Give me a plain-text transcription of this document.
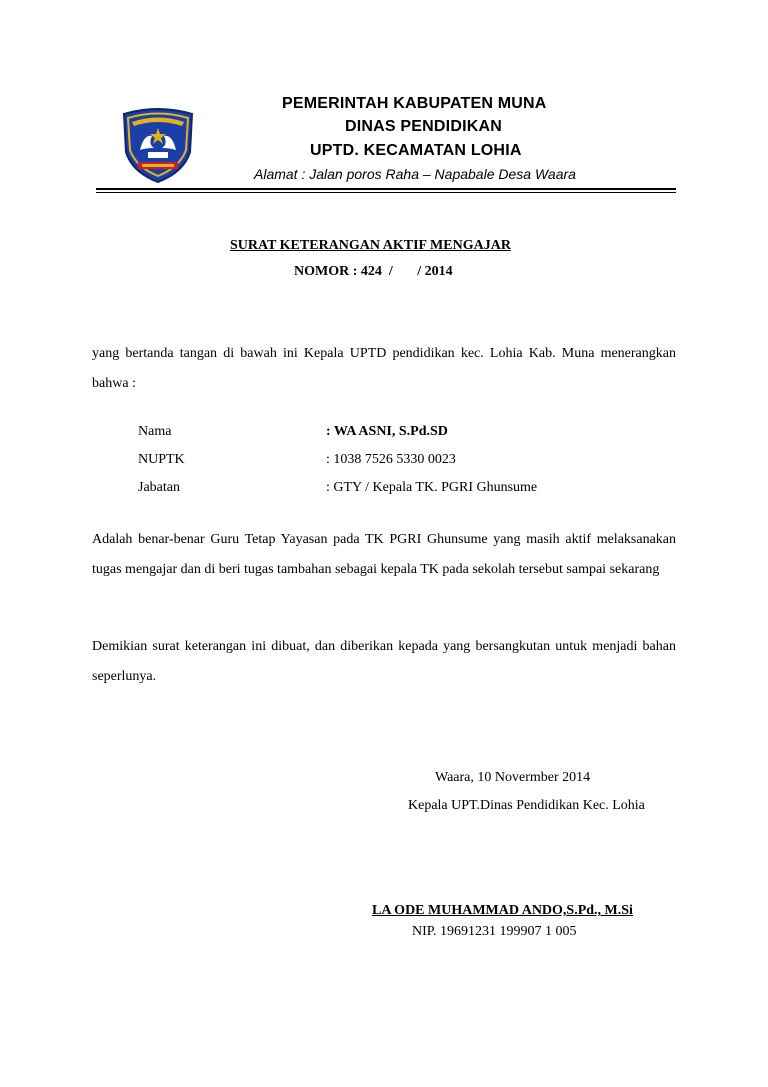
PEMERINTAH KABUPATEN MUNA
DINAS PENDIDIKAN
UPTD. KECAMATAN LOHIA
Alamat : Jalan poros Raha – Napabale Desa Waara
SURAT KETERANGAN AKTIF MENGAJAR
NOMOR : 424  /       / 2014
yang bertanda tangan di bawah ini Kepala UPTD pendidikan kec. Lohia Kab. Muna menerangkan bahwa :
Nama	: WA ASNI, S.Pd.SD
NUPTK	: 1038 7526 5330 0023
Jabatan	: GTY / Kepala TK. PGRI Ghunsume
Adalah benar-benar Guru Tetap Yayasan pada TK PGRI Ghunsume yang masih aktif melaksanakan tugas mengajar dan di beri tugas tambahan sebagai kepala TK pada sekolah tersebut sampai sekarang
Demikian surat keterangan ini dibuat, dan diberikan kepada yang bersangkutan untuk menjadi bahan seperlunya.
Waara, 10 Novermber 2014
Kepala UPT.Dinas Pendidikan Kec. Lohia
LA ODE MUHAMMAD ANDO,S.Pd., M.Si
NIP. 19691231 199907 1 005
